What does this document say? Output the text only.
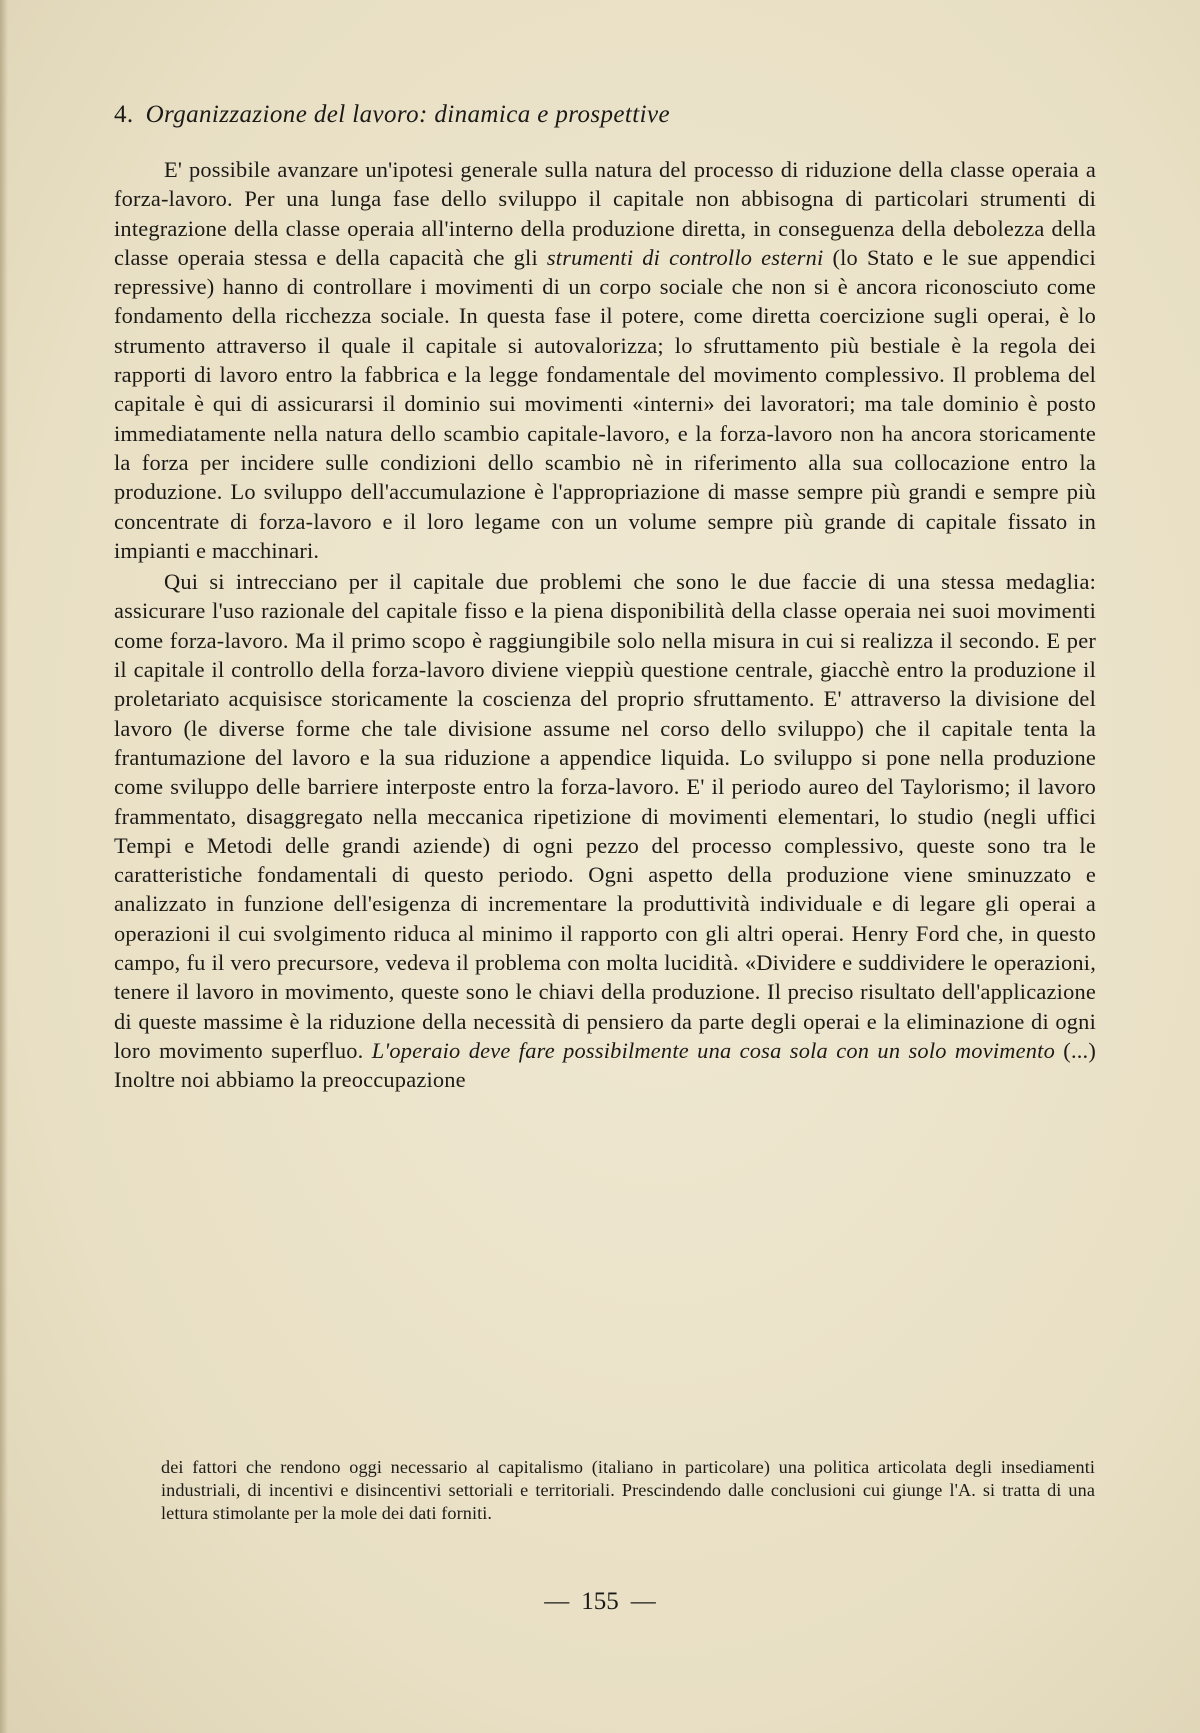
4. Organizzazione del lavoro: dinamica e prospettive

E' possibile avanzare un'ipotesi generale sulla natura del processo di riduzione della classe operaia a forza-lavoro. Per una lunga fase dello sviluppo il capitale non abbisogna di particolari strumenti di integrazione della classe operaia all'interno della produzione diretta, in conseguenza della debolezza della classe operaia stessa e della capacità che gli strumenti di controllo esterni (lo Stato e le sue appendici repressive) hanno di controllare i movimenti di un corpo sociale che non si è ancora riconosciuto come fondamento della ricchezza sociale. In questa fase il potere, come diretta coercizione sugli operai, è lo strumento attraverso il quale il capitale si autovalorizza; lo sfruttamento più bestiale è la regola dei rapporti di lavoro entro la fabbrica e la legge fondamentale del movimento complessivo. Il problema del capitale è qui di assicurarsi il dominio sui movimenti «interni» dei lavoratori; ma tale dominio è posto immediatamente nella natura dello scambio capitale-lavoro, e la forza-lavoro non ha ancora storicamente la forza per incidere sulle condizioni dello scambio nè in riferimento alla sua collocazione entro la produzione. Lo sviluppo dell'accumulazione è l'appropriazione di masse sempre più grandi e sempre più concentrate di forza-lavoro e il loro legame con un volume sempre più grande di capitale fissato in impianti e macchinari.

Qui si intrecciano per il capitale due problemi che sono le due faccie di una stessa medaglia: assicurare l'uso razionale del capitale fisso e la piena disponibilità della classe operaia nei suoi movimenti come forza-lavoro. Ma il primo scopo è raggiungibile solo nella misura in cui si realizza il secondo. E per il capitale il controllo della forza-lavoro diviene vieppiù questione centrale, giacchè entro la produzione il proletariato acquisisce storicamente la coscienza del proprio sfruttamento. E' attraverso la divisione del lavoro (le diverse forme che tale divisione assume nel corso dello sviluppo) che il capitale tenta la frantumazione del lavoro e la sua riduzione a appendice liquida. Lo sviluppo si pone nella produzione come sviluppo delle barriere interposte entro la forza-lavoro. E' il periodo aureo del Taylorismo; il lavoro frammentato, disaggregato nella meccanica ripetizione di movimenti elementari, lo studio (negli uffici Tempi e Metodi delle grandi aziende) di ogni pezzo del processo complessivo, queste sono tra le caratteristiche fondamentali di questo periodo. Ogni aspetto della produzione viene sminuzzato e analizzato in funzione dell'esigenza di incrementare la produttività individuale e di legare gli operai a operazioni il cui svolgimento riduca al minimo il rapporto con gli altri operai. Henry Ford che, in questo campo, fu il vero precursore, vedeva il problema con molta lucidità. «Dividere e suddividere le operazioni, tenere il lavoro in movimento, queste sono le chiavi della produzione. Il preciso risultato dell'applicazione di queste massime è la riduzione della necessità di pensiero da parte degli operai e la eliminazione di ogni loro movimento superfluo. L'operaio deve fare possibilmente una cosa sola con un solo movimento (...) Inoltre noi abbiamo la preoccupazione

dei fattori che rendono oggi necessario al capitalismo (italiano in particolare) una politica articolata degli insediamenti industriali, di incentivi e disincentivi settoriali e territoriali. Prescindendo dalle conclusioni cui giunge l'A. si tratta di una lettura stimolante per la mole dei dati forniti.
— 155 —
